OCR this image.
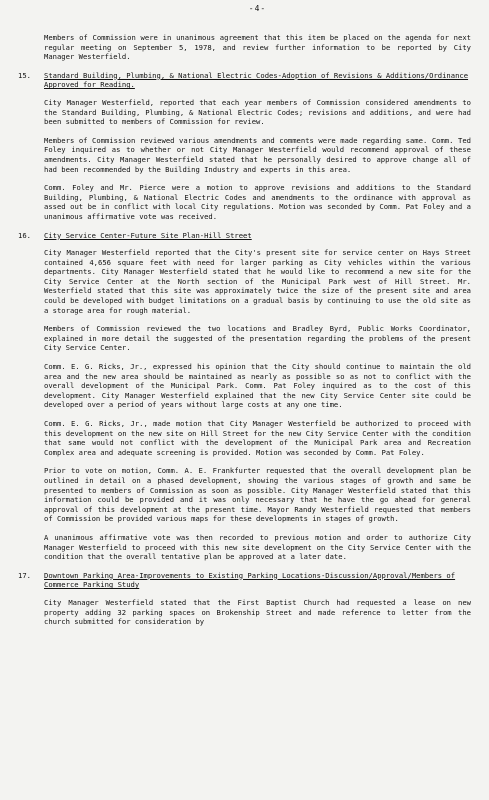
-4-

Members of Commission were in unanimous agreement that this item be placed on the agenda for next regular meeting on September 5, 1978, and review further information to be reported by City Manager Westerfield.

15. Standard Building, Plumbing, & National Electric Codes-Adoption of Revisions & Additions/Ordinance Approved for Reading.

City Manager Westerfield, reported that each year members of Commission considered amendments to the Standard Building, Plumbing, & National Electric Codes; revisions and additions, and were had been submitted to members of Commission for review.

Members of Commission reviewed various amendments and comments were made regarding same. Comm. Ted Foley inquired as to whether or not City Manager Westerfield would recommend approval of these amendments. City Manager Westerfield stated that he personally desired to approve change all of had been recommended by the Building Industry and experts in this area.

Comm. Foley and Mr. Pierce were a motion to approve revisions and additions to the Standard Building, Plumbing, & National Electric Codes and amendments to the ordinance with approval as assed out be in conflict with local City regulations. Motion was seconded by Comm. Pat Foley and a unanimous affirmative vote was received.

16. City Service Center-Future Site Plan-Hill Street

City Manager Westerfield reported that the City's present site for service center on Hays Street contained 4,656 square feet with need for larger parking as City vehicles within the various departments. City Manager Westerfield stated that he would like to recommend a new site for the City Service Center at the North section of the Municipal Park west of Hill Street. Mr. Westerfield stated that this site was approximately twice the size of the present site and area could be developed with budget limitations on a gradual basis by continuing to use the old site as a storage area for rough material.

Members of Commission reviewed the two locations and Bradley Byrd, Public Works Coordinator, explained in more detail the suggested of the presentation regarding the problems of the present City Service Center.

Comm. E. G. Ricks, Jr., expressed his opinion that the City should continue to maintain the old area and the new area should be maintained as nearly as possible so as not to conflict with the overall development of the Municipal Park. Comm. Pat Foley inquired as to the cost of this development. City Manager Westerfield explained that the new City Service Center site could be developed over a period of years without large costs at any one time.

Comm. E. G. Ricks, Jr., made motion that City Manager Westerfield be authorized to proceed with this development on the new site on Hill Street for the new City Service Center with the condition that same would not conflict with the development of the Municipal Park area and Recreation Complex area and adequate screening is provided. Motion was seconded by Comm. Pat Foley.

Prior to vote on motion, Comm. A. E. Frankfurter requested that the overall development plan be outlined in detail on a phased development, showing the various stages of growth and same be presented to members of Commission as soon as possible. City Manager Westerfield stated that this information could be provided and it was only necessary that he have the go ahead for general approval of this development at the present time. Mayor Randy Westerfield requested that members of Commission be provided various maps for these developments in stages of growth.

A unanimous affirmative vote was then recorded to previous motion and order to authorize City Manager Westerfield to proceed with this new site development on the City Service Center with the condition that the overall tentative plan be approved at a later date.

17. Downtown Parking Area-Improvements to Existing Parking Locations-Discussion/Approval/Members of Commerce Parking Study

City Manager Westerfield stated that the First Baptist Church had requested a lease on new property adding 32 parking spaces on Brokenship Street and made reference to letter from the church submitted for consideration by
